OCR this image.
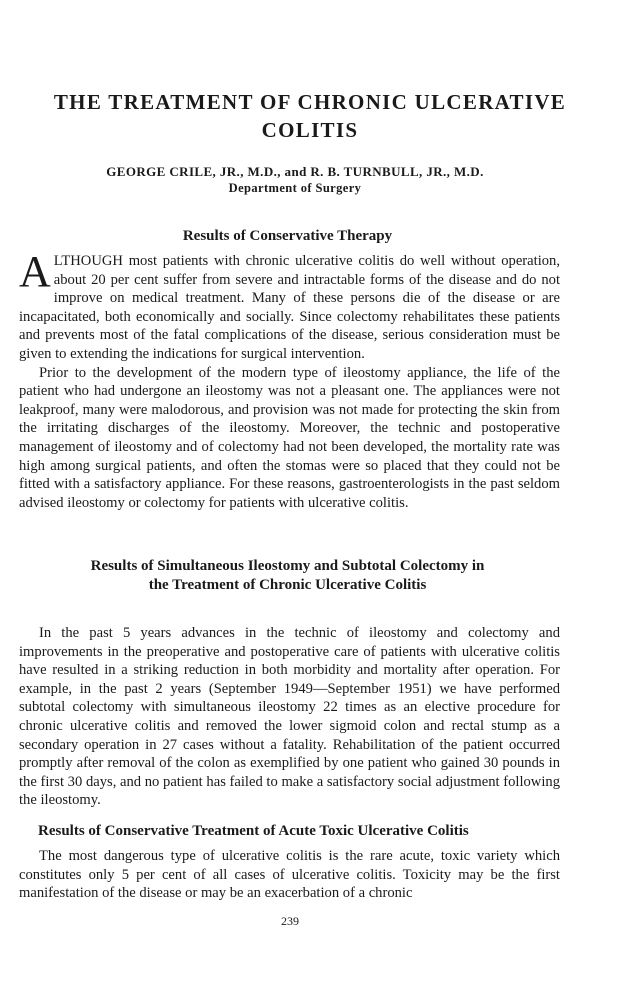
THE TREATMENT OF CHRONIC ULCERATIVE
COLITIS
GEORGE CRILE, JR., M.D., and R. B. TURNBULL, JR., M.D.
Department of Surgery
Results of Conservative Therapy

ALTHOUGH most patients with chronic ulcerative colitis do well without operation, about 20 per cent suffer from severe and intractable forms of the disease and do not improve on medical treatment. Many of these persons die of the disease or are incapacitated, both economically and socially. Since colectomy rehabilitates these patients and prevents most of the fatal complications of the disease, serious consideration must be given to extending the indications for surgical intervention.

Prior to the development of the modern type of ileostomy appliance, the life of the patient who had undergone an ileostomy was not a pleasant one. The appliances were not leakproof, many were malodorous, and provision was not made for protecting the skin from the irritating discharges of the ileostomy. Moreover, the technic and postoperative management of ileostomy and of colectomy had not been developed, the mortality rate was high among surgical patients, and often the stomas were so placed that they could not be fitted with a satisfactory appliance. For these reasons, gastroenterologists in the past seldom advised ileostomy or colectomy for patients with ulcerative colitis.

Results of Simultaneous Ileostomy and Subtotal Colectomy in
the Treatment of Chronic Ulcerative Colitis

In the past 5 years advances in the technic of ileostomy and colectomy and improvements in the preoperative and postoperative care of patients with ulcerative colitis have resulted in a striking reduction in both morbidity and mortality after operation. For example, in the past 2 years (September 1949—September 1951) we have performed subtotal colectomy with simultaneous ileostomy 22 times as an elective procedure for chronic ulcerative colitis and removed the lower sigmoid colon and rectal stump as a secondary operation in 27 cases without a fatality. Rehabilitation of the patient occurred promptly after removal of the colon as exemplified by one patient who gained 30 pounds in the first 30 days, and no patient has failed to make a satisfactory social adjustment following the ileostomy.

Results of Conservative Treatment of Acute Toxic Ulcerative Colitis

The most dangerous type of ulcerative colitis is the rare acute, toxic variety which constitutes only 5 per cent of all cases of ulcerative colitis. Toxicity may be the first manifestation of the disease or may be an exacerbation of a chronic

239
